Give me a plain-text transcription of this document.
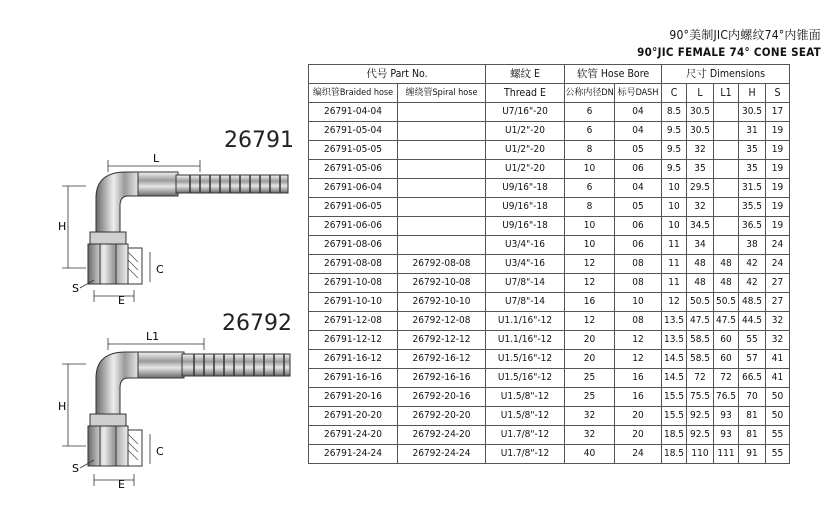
90°美制JIC内螺纹74°内锥面
90°JIC FEMALE 74° CONE SEAT
26791
26792
L
H
C
S
E
L1
H
C
S
E
代号 Part No.		螺纹 E	软管 Hose Bore		尺寸 Dimensions				
编织管Braided hose	缠绕管Spiral hose	Thread E	公称内径DN	标号DASH	C	L	L1	H	S
26791-04-04		U7/16"-20	6	04	8.5	30.5		30.5	17
26791-05-04		U1/2"-20	6	04	9.5	30.5		31	19
26791-05-05		U1/2"-20	8	05	9.5	32		35	19
26791-05-06		U1/2"-20	10	06	9.5	35		35	19
26791-06-04		U9/16"-18	6	04	10	29.5		31.5	19
26791-06-05		U9/16"-18	8	05	10	32		35.5	19
26791-06-06		U9/16"-18	10	06	10	34.5		36.5	19
26791-08-06		U3/4"-16	10	06	11	34		38	24
26791-08-08	26792-08-08	U3/4"-16	12	08	11	48	48	42	24
26791-10-08	26792-10-08	U7/8"-14	12	08	11	48	48	42	27
26791-10-10	26792-10-10	U7/8"-14	16	10	12	50.5	50.5	48.5	27
26791-12-08	26792-12-08	U1.1/16"-12	12	08	13.5	47.5	47.5	44.5	32
26791-12-12	26792-12-12	U1.1/16"-12	20	12	13.5	58.5	60	55	32
26791-16-12	26792-16-12	U1.5/16"-12	20	12	14.5	58.5	60	57	41
26791-16-16	26792-16-16	U1.5/16"-12	25	16	14.5	72	72	66.5	41
26791-20-16	26792-20-16	U1.5/8"-12	25	16	15.5	75.5	76.5	70	50
26791-20-20	26792-20-20	U1.5/8"-12	32	20	15.5	92.5	93	81	50
26791-24-20	26792-24-20	U1.7/8"-12	32	20	18.5	92.5	93	81	55
26791-24-24	26792-24-24	U1.7/8"-12	40	24	18.5	110	111	91	55
